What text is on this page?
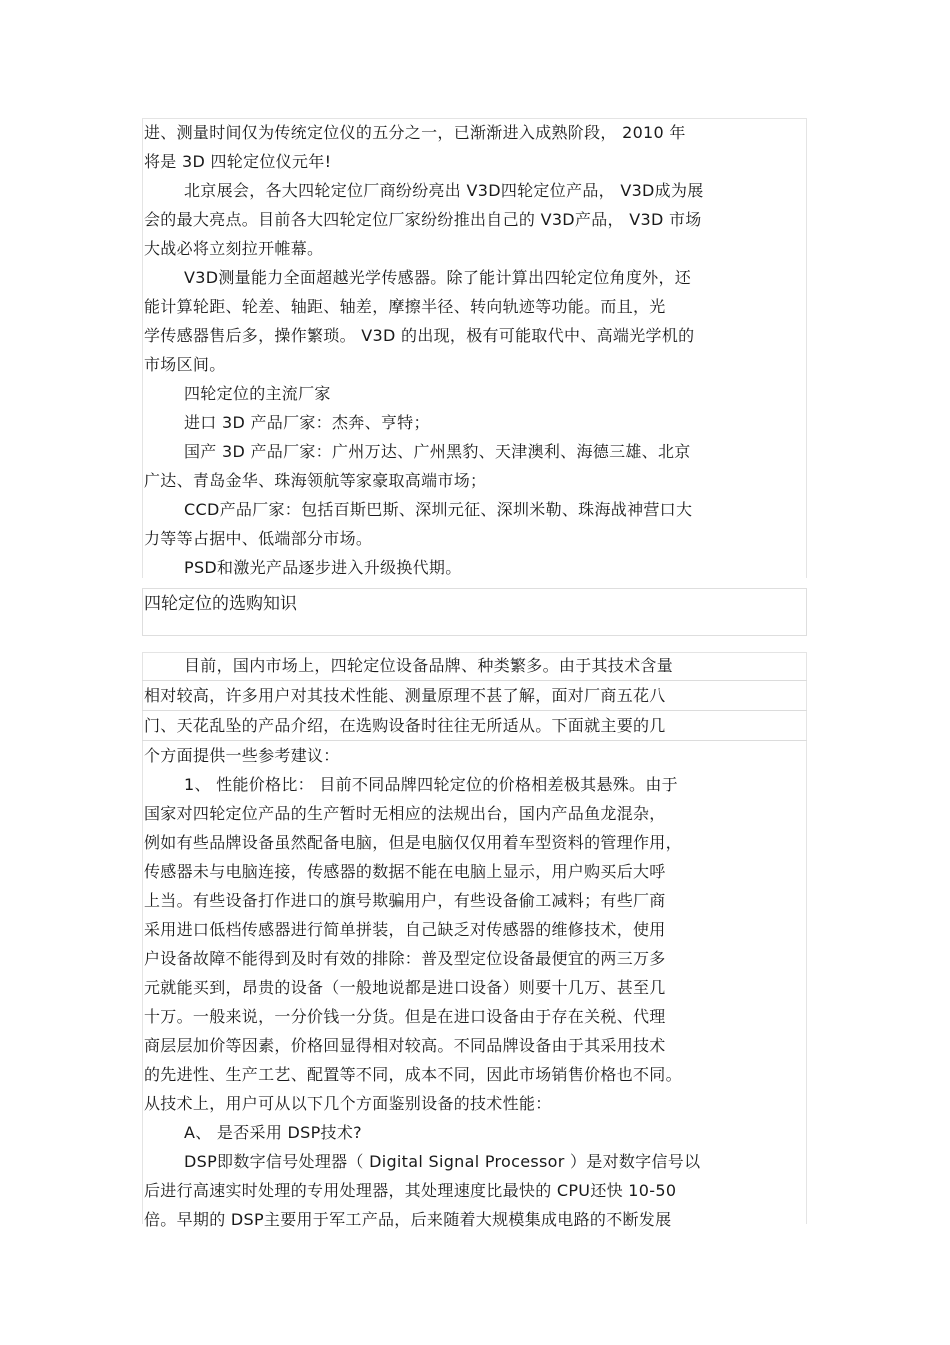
进、测量时间仅为传统定位仪的五分之一，已渐渐进入成熟阶段， 2010 年
将是 3D 四轮定位仪元年!
北京展会，各大四轮定位厂商纷纷亮出 V3D四轮定位产品， V3D成为展
会的最大亮点。目前各大四轮定位厂家纷纷推出自己的 V3D产品， V3D 市场
大战必将立刻拉开帷幕。
V3D测量能力全面超越光学传感器。除了能计算出四轮定位角度外，还
能计算轮距、轮差、轴距、轴差，摩擦半径、转向轨迹等功能。而且，光
学传感器售后多，操作繁琐。 V3D 的出现，极有可能取代中、高端光学机的
市场区间。
四轮定位的主流厂家
进口 3D 产品厂家：杰奔、亨特；
国产 3D 产品厂家：广州万达、广州黑豹、天津澳利、海德三雄、北京
广达、青岛金华、珠海领航等家豪取高端市场；
CCD产品厂家：包括百斯巴斯、深圳元征、深圳米勒、珠海战神营口大
力等等占据中、低端部分市场。
PSD和激光产品逐步进入升级换代期。
四轮定位的选购知识
目前，国内市场上，四轮定位设备品牌、种类繁多。由于其技术含量
相对较高，许多用户对其技术性能、测量原理不甚了解，面对厂商五花八
门、天花乱坠的产品介绍，在选购设备时往往无所适从。下面就主要的几
个方面提供一些参考建议：
1、 性能价格比： 目前不同品牌四轮定位的价格相差极其悬殊。由于
国家对四轮定位产品的生产暂时无相应的法规出台，国内产品鱼龙混杂，
例如有些品牌设备虽然配备电脑，但是电脑仅仅用着车型资料的管理作用，
传感器未与电脑连接，传感器的数据不能在电脑上显示，用户购买后大呼
上当。有些设备打作进口的旗号欺骗用户，有些设备偷工减料；有些厂商
采用进口低档传感器进行简单拼装，自己缺乏对传感器的维修技术，使用
户设备故障不能得到及时有效的排除：普及型定位设备最便宜的两三万多
元就能买到，昂贵的设备（一般地说都是进口设备）则要十几万、甚至几
十万。一般来说，一分价钱一分货。但是在进口设备由于存在关税、代理
商层层加价等因素，价格回显得相对较高。不同品牌设备由于其采用技术
的先进性、生产工艺、配置等不同，成本不同，因此市场销售价格也不同。
从技术上，用户可从以下几个方面鉴别设备的技术性能：
A、 是否采用 DSP技术?
DSP即数字信号处理器（ Digital Signal Processor ）是对数字信号以
后进行高速实时处理的专用处理器，其处理速度比最快的 CPU还快 10-50
倍。早期的 DSP主要用于军工产品，后来随着大规模集成电路的不断发展
